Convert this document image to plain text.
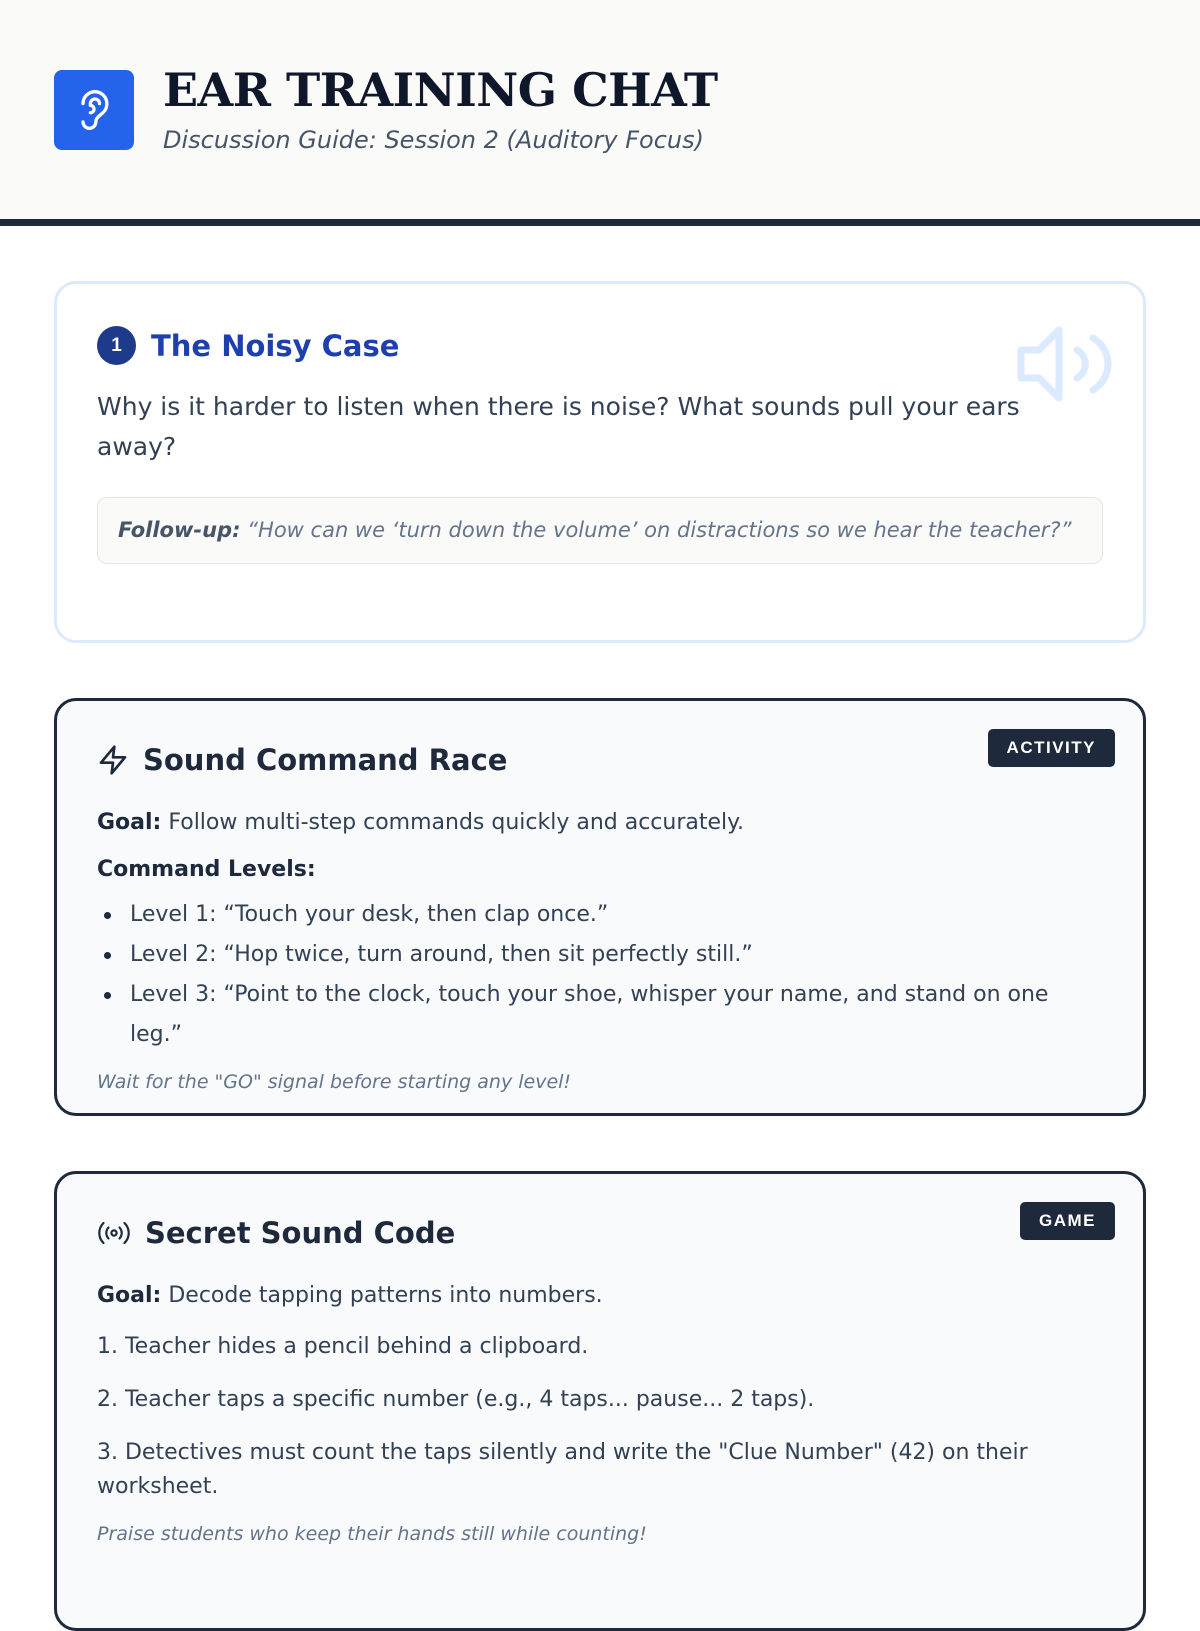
EAR TRAINING CHAT
Discussion Guide: Session 2 (Auditory Focus)
1	The Noisy Case
Why is it harder to listen when there is noise? What sounds pull your ears away?
Follow-up: “How can we ‘turn down the volume’ on distractions so we hear the teacher?”
ACTIVITY
Sound Command Race
Goal: Follow multi-step commands quickly and accurately.
Command Levels:
Level 1: “Touch your desk, then clap once.”
Level 2: “Hop twice, turn around, then sit perfectly still.”
Level 3: “Point to the clock, touch your shoe, whisper your name, and stand on one leg.”
Wait for the "GO" signal before starting any level!
GAME
Secret Sound Code
Goal: Decode tapping patterns into numbers.
1. Teacher hides a pencil behind a clipboard.
2. Teacher taps a specific number (e.g., 4 taps... pause... 2 taps).
3. Detectives must count the taps silently and write the "Clue Number" (42) on their worksheet.
Praise students who keep their hands still while counting!
